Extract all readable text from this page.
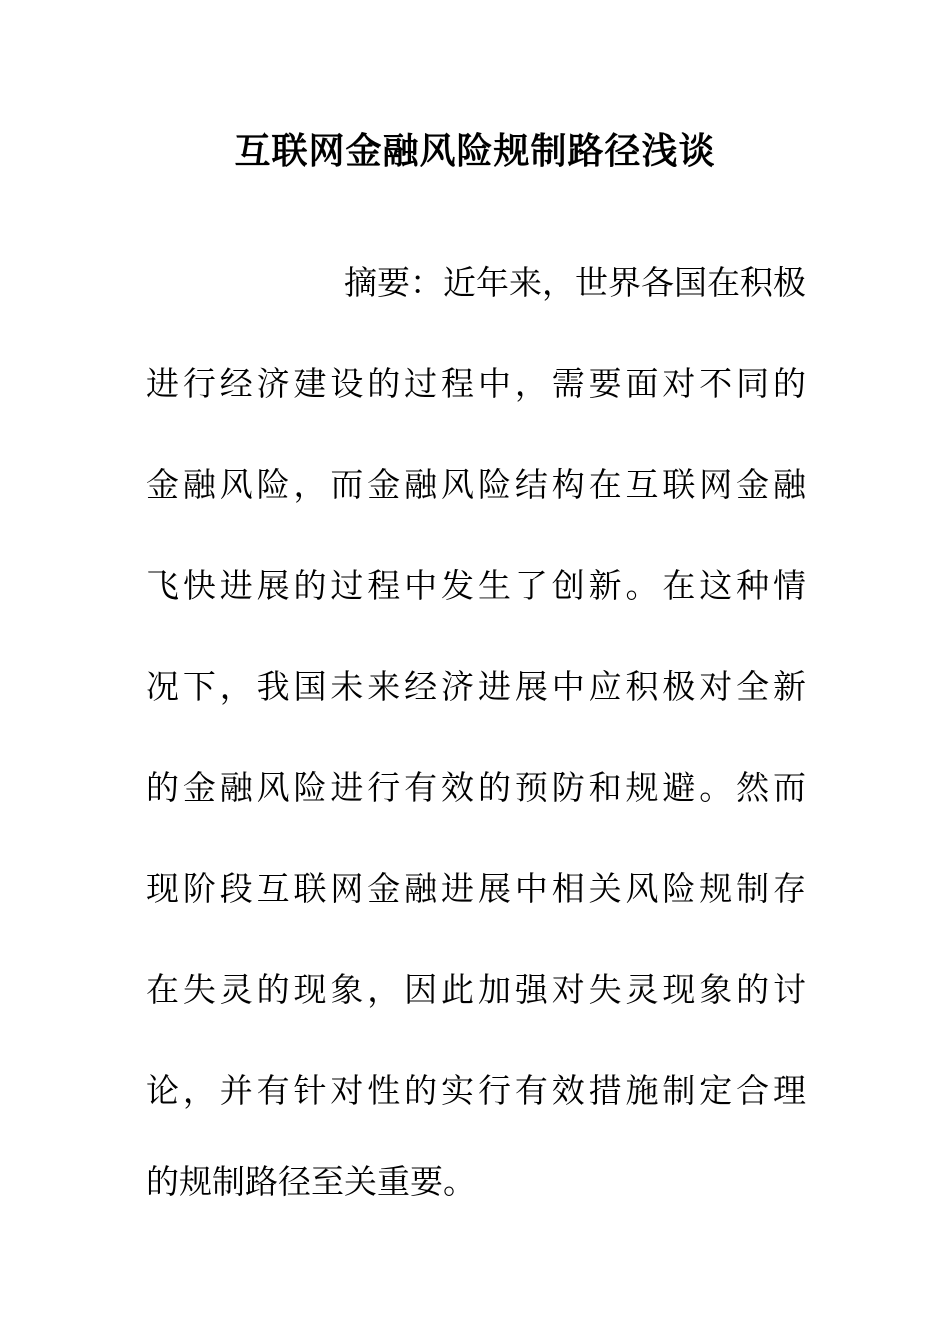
互联网金融风险规制路径浅谈
摘要：近年来，世界各国在积极
进行经济建设的过程中，需要面对不同的
金融风险，而金融风险结构在互联网金融
飞快进展的过程中发生了创新。在这种情
况下，我国未来经济进展中应积极对全新
的金融风险进行有效的预防和规避。然而
现阶段互联网金融进展中相关风险规制存
在失灵的现象，因此加强对失灵现象的讨
论，并有针对性的实行有效措施制定合理
的规制路径至关重要。
